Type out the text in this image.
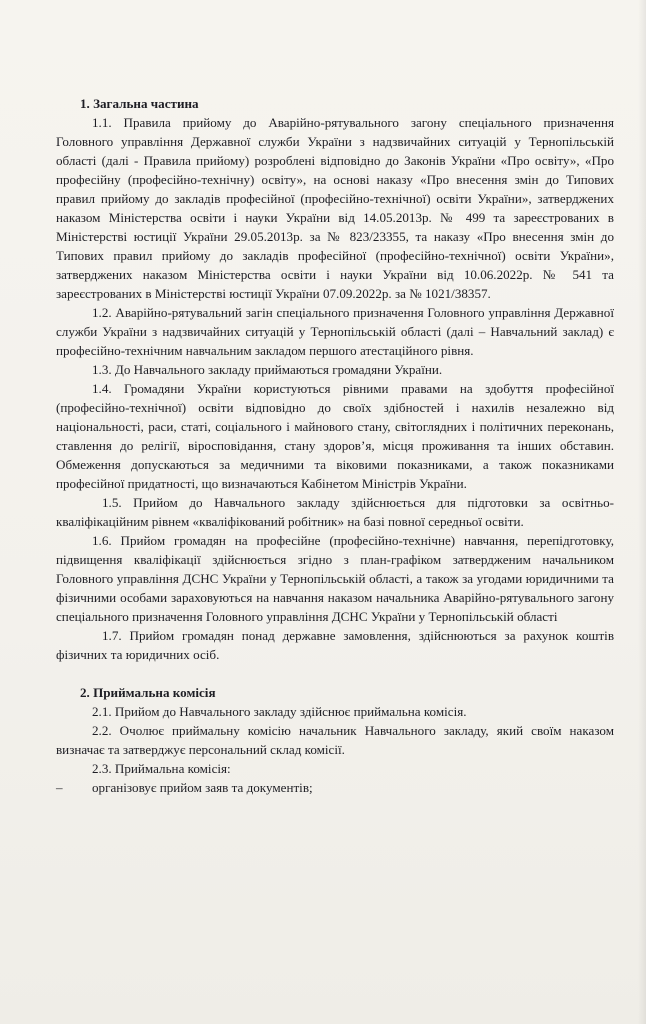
1. Загальна частина

1.1. Правила прийому до Аварійно-рятувального загону спеціального призначення Головного управління Державної служби України з надзвичайних ситуацій у Тернопільській області (далі - Правила прийому) розроблені відповідно до Законів України «Про освіту», «Про професійну (професійно-технічну) освіту», на основі наказу «Про внесення змін до Типових правил прийому до закладів професійної (професійно-технічної) освіти України», затверджених наказом Міністерства освіти і науки України від 14.05.2013р. № 499 та зареєстрованих в Міністерстві юстиції України 29.05.2013р. за № 823/23355, та наказу «Про внесення змін до Типових правил прийому до закладів професійної (професійно-технічної) освіти України», затверджених наказом Міністерства освіти і науки України від 10.06.2022р. № 541 та зареєстрованих в Міністерстві юстиції України 07.09.2022р. за № 1021/38357.

1.2. Аварійно-рятувальний загін спеціального призначення Головного управління Державної служби України з надзвичайних ситуацій у Тернопільській області (далі – Навчальний заклад) є професійно-технічним навчальним закладом першого атестаційного рівня.

1.3. До Навчального закладу приймаються громадяни України.

1.4. Громадяни України користуються рівними правами на здобуття професійної (професійно-технічної) освіти відповідно до своїх здібностей і нахилів незалежно від національності, раси, статі, соціального і майнового стану, світоглядних і політичних переконань, ставлення до релігії, віросповідання, стану здоров’я, місця проживання та інших обставин. Обмеження допускаються за медичними та віковими показниками, а також показниками професійної придатності, що визначаються Кабінетом Міністрів України.

1.5. Прийом до Навчального закладу здійснюється для підготовки за освітньо-кваліфікаційним рівнем «кваліфікований робітник» на базі повної середньої освіти.

1.6. Прийом громадян на професійне (професійно-технічне) навчання, перепідготовку, підвищення кваліфікації здійснюється згідно з план-графіком затвердженим начальником Головного управління ДСНС України у Тернопільській області, а також за угодами юридичними та фізичними особами зараховуються на навчання наказом начальника Аварійно-рятувального загону спеціального призначення Головного управління ДСНС України у Тернопільській області

1.7. Прийом громадян понад державне замовлення, здійснюються за рахунок коштів фізичних та юридичних осіб.

2. Приймальна комісія

2.1. Прийом до Навчального закладу здійснює приймальна комісія.

2.2. Очолює приймальну комісію начальник Навчального закладу, який своїм наказом визначає та затверджує персональний склад комісії.

2.3. Приймальна комісія:

–	організовує прийом заяв та документів;
